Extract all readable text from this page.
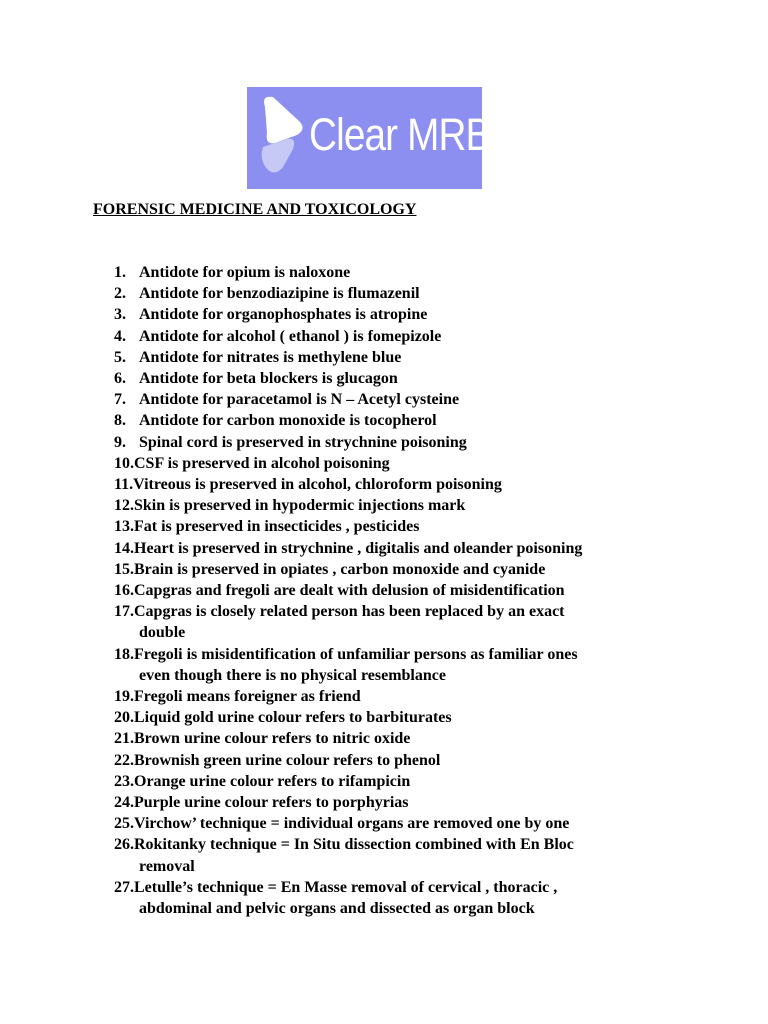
Clear MRB
FORENSIC MEDICINE AND TOXICOLOGY
1. Antidote for opium is naloxone
2. Antidote for benzodiazipine is flumazenil
3. Antidote for organophosphates is atropine
4. Antidote for alcohol ( ethanol ) is fomepizole
5. Antidote for nitrates is methylene blue
6. Antidote for beta blockers is glucagon
7. Antidote for paracetamol is N – Acetyl cysteine
8. Antidote for carbon monoxide is tocopherol
9. Spinal cord is preserved in strychnine poisoning
10. CSF is preserved in alcohol poisoning
11. Vitreous is preserved in alcohol, chloroform poisoning
12. Skin is preserved in hypodermic injections mark
13. Fat is preserved in insecticides , pesticides
14. Heart is preserved in strychnine , digitalis and oleander poisoning
15. Brain is preserved in opiates , carbon monoxide and cyanide
16. Capgras and fregoli are dealt with delusion of misidentification
17. Capgras is closely related person has been replaced by an exact
double
18. Fregoli is misidentification of unfamiliar persons as familiar ones
even though there is no physical resemblance
19. Fregoli means foreigner as friend
20. Liquid gold urine colour refers to barbiturates
21. Brown urine colour refers to nitric oxide
22. Brownish green urine colour refers to phenol
23. Orange urine colour refers to rifampicin
24. Purple urine colour refers to porphyrias
25. Virchow’ technique = individual organs are removed one by one
26. Rokitanky technique = In Situ dissection combined with En Bloc
removal
27. Letulle’s technique = En Masse removal of cervical , thoracic ,
abdominal and pelvic organs and dissected as organ block
